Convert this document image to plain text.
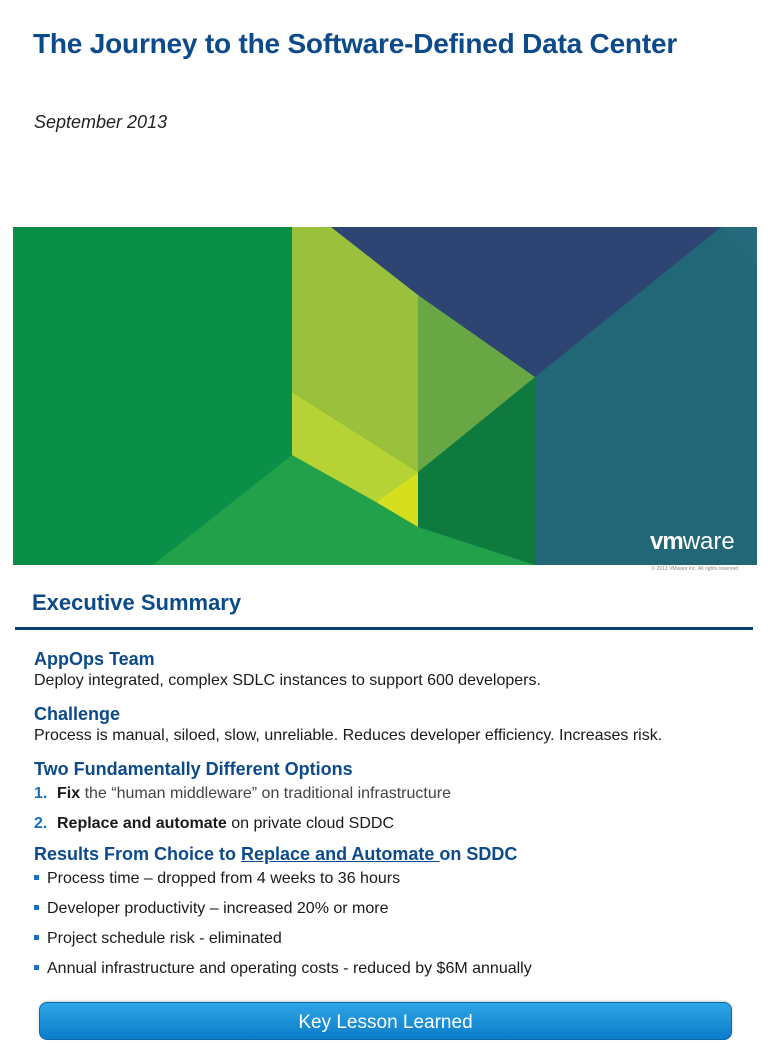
The Journey to the Software-Defined Data Center
September 2013
vmware
© 2013 VMware Inc. All rights reserved
Executive Summary
AppOps Team

Deploy integrated, complex SDLC instances to support 600 developers.

Challenge

Process is manual, siloed, slow, unreliable. Reduces developer efficiency. Increases risk.

Two Fundamentally Different Options
1. Fix the “human middleware” on traditional infrastructure
2. Replace and automate on private cloud SDDC
Results From Choice to Replace and Automate on SDDC
Process time – dropped from 4 weeks to 36 hours
Developer productivity – increased 20% or more
Project schedule risk - eliminated
Annual infrastructure and operating costs - reduced by $6M annually
Key Lesson Learned
